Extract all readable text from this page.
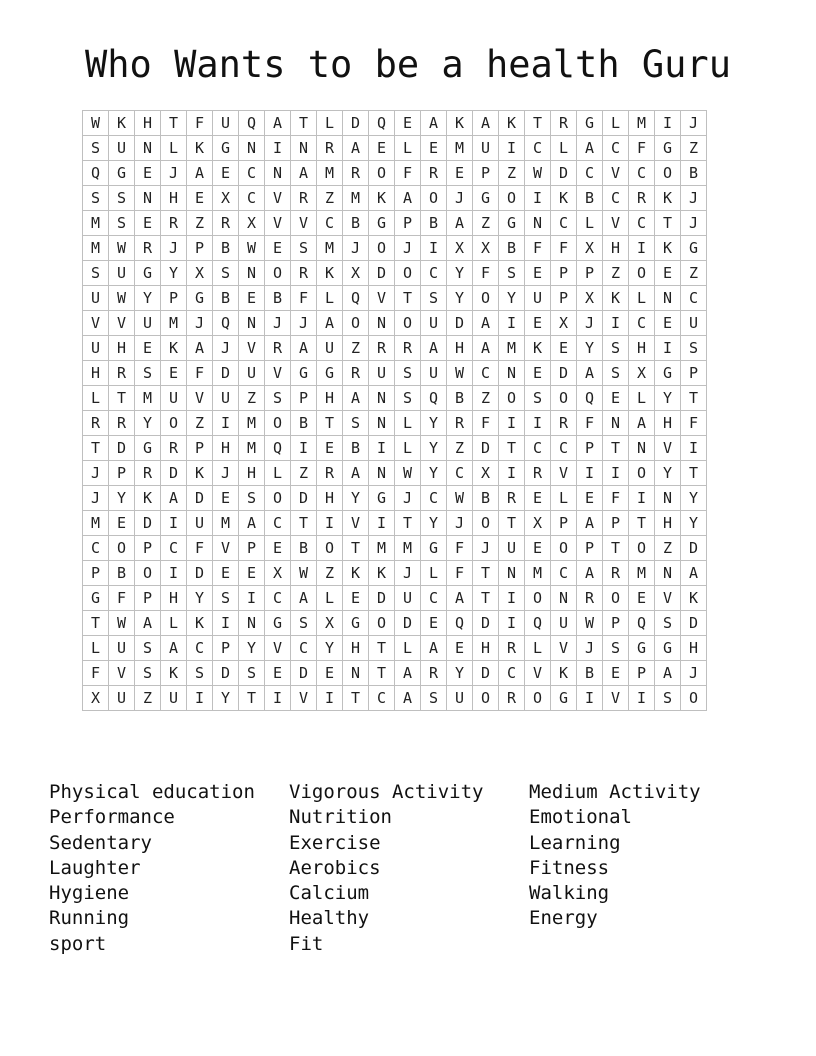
Who Wants to be a health Guru
W	K	H	T	F	U	Q	A	T	L	D	Q	E	A	K	A	K	T	R	G	L	M	I	J
S	U	N	L	K	G	N	I	N	R	A	E	L	E	M	U	I	C	L	A	C	F	G	Z
Q	G	E	J	A	E	C	N	A	M	R	O	F	R	E	P	Z	W	D	C	V	C	O	B
S	S	N	H	E	X	C	V	R	Z	M	K	A	O	J	G	O	I	K	B	C	R	K	J
M	S	E	R	Z	R	X	V	V	C	B	G	P	B	A	Z	G	N	C	L	V	C	T	J
M	W	R	J	P	B	W	E	S	M	J	O	J	I	X	X	B	F	F	X	H	I	K	G
S	U	G	Y	X	S	N	O	R	K	X	D	O	C	Y	F	S	E	P	P	Z	O	E	Z
U	W	Y	P	G	B	E	B	F	L	Q	V	T	S	Y	O	Y	U	P	X	K	L	N	C
V	V	U	M	J	Q	N	J	J	A	O	N	O	U	D	A	I	E	X	J	I	C	E	U
U	H	E	K	A	J	V	R	A	U	Z	R	R	A	H	A	M	K	E	Y	S	H	I	S
H	R	S	E	F	D	U	V	G	G	R	U	S	U	W	C	N	E	D	A	S	X	G	P
L	T	M	U	V	U	Z	S	P	H	A	N	S	Q	B	Z	O	S	O	Q	E	L	Y	T
R	R	Y	O	Z	I	M	O	B	T	S	N	L	Y	R	F	I	I	R	F	N	A	H	F
T	D	G	R	P	H	M	Q	I	E	B	I	L	Y	Z	D	T	C	C	P	T	N	V	I
J	P	R	D	K	J	H	L	Z	R	A	N	W	Y	C	X	I	R	V	I	I	O	Y	T
J	Y	K	A	D	E	S	O	D	H	Y	G	J	C	W	B	R	E	L	E	F	I	N	Y
M	E	D	I	U	M	A	C	T	I	V	I	T	Y	J	O	T	X	P	A	P	T	H	Y
C	O	P	C	F	V	P	E	B	O	T	M	M	G	F	J	U	E	O	P	T	O	Z	D
P	B	O	I	D	E	E	X	W	Z	K	K	J	L	F	T	N	M	C	A	R	M	N	A
G	F	P	H	Y	S	I	C	A	L	E	D	U	C	A	T	I	O	N	R	O	E	V	K
T	W	A	L	K	I	N	G	S	X	G	O	D	E	Q	D	I	Q	U	W	P	Q	S	D
L	U	S	A	C	P	Y	V	C	Y	H	T	L	A	E	H	R	L	V	J	S	G	G	H
F	V	S	K	S	D	S	E	D	E	N	T	A	R	Y	D	C	V	K	B	E	P	A	J
X	U	Z	U	I	Y	T	I	V	I	T	C	A	S	U	O	R	O	G	I	V	I	S	O
Physical education
Performance
Sedentary
Laughter
Hygiene
Running
sport
Vigorous Activity
Nutrition
Exercise
Aerobics
Calcium
Healthy
Fit
Medium Activity
Emotional
Learning
Fitness
Walking
Energy
